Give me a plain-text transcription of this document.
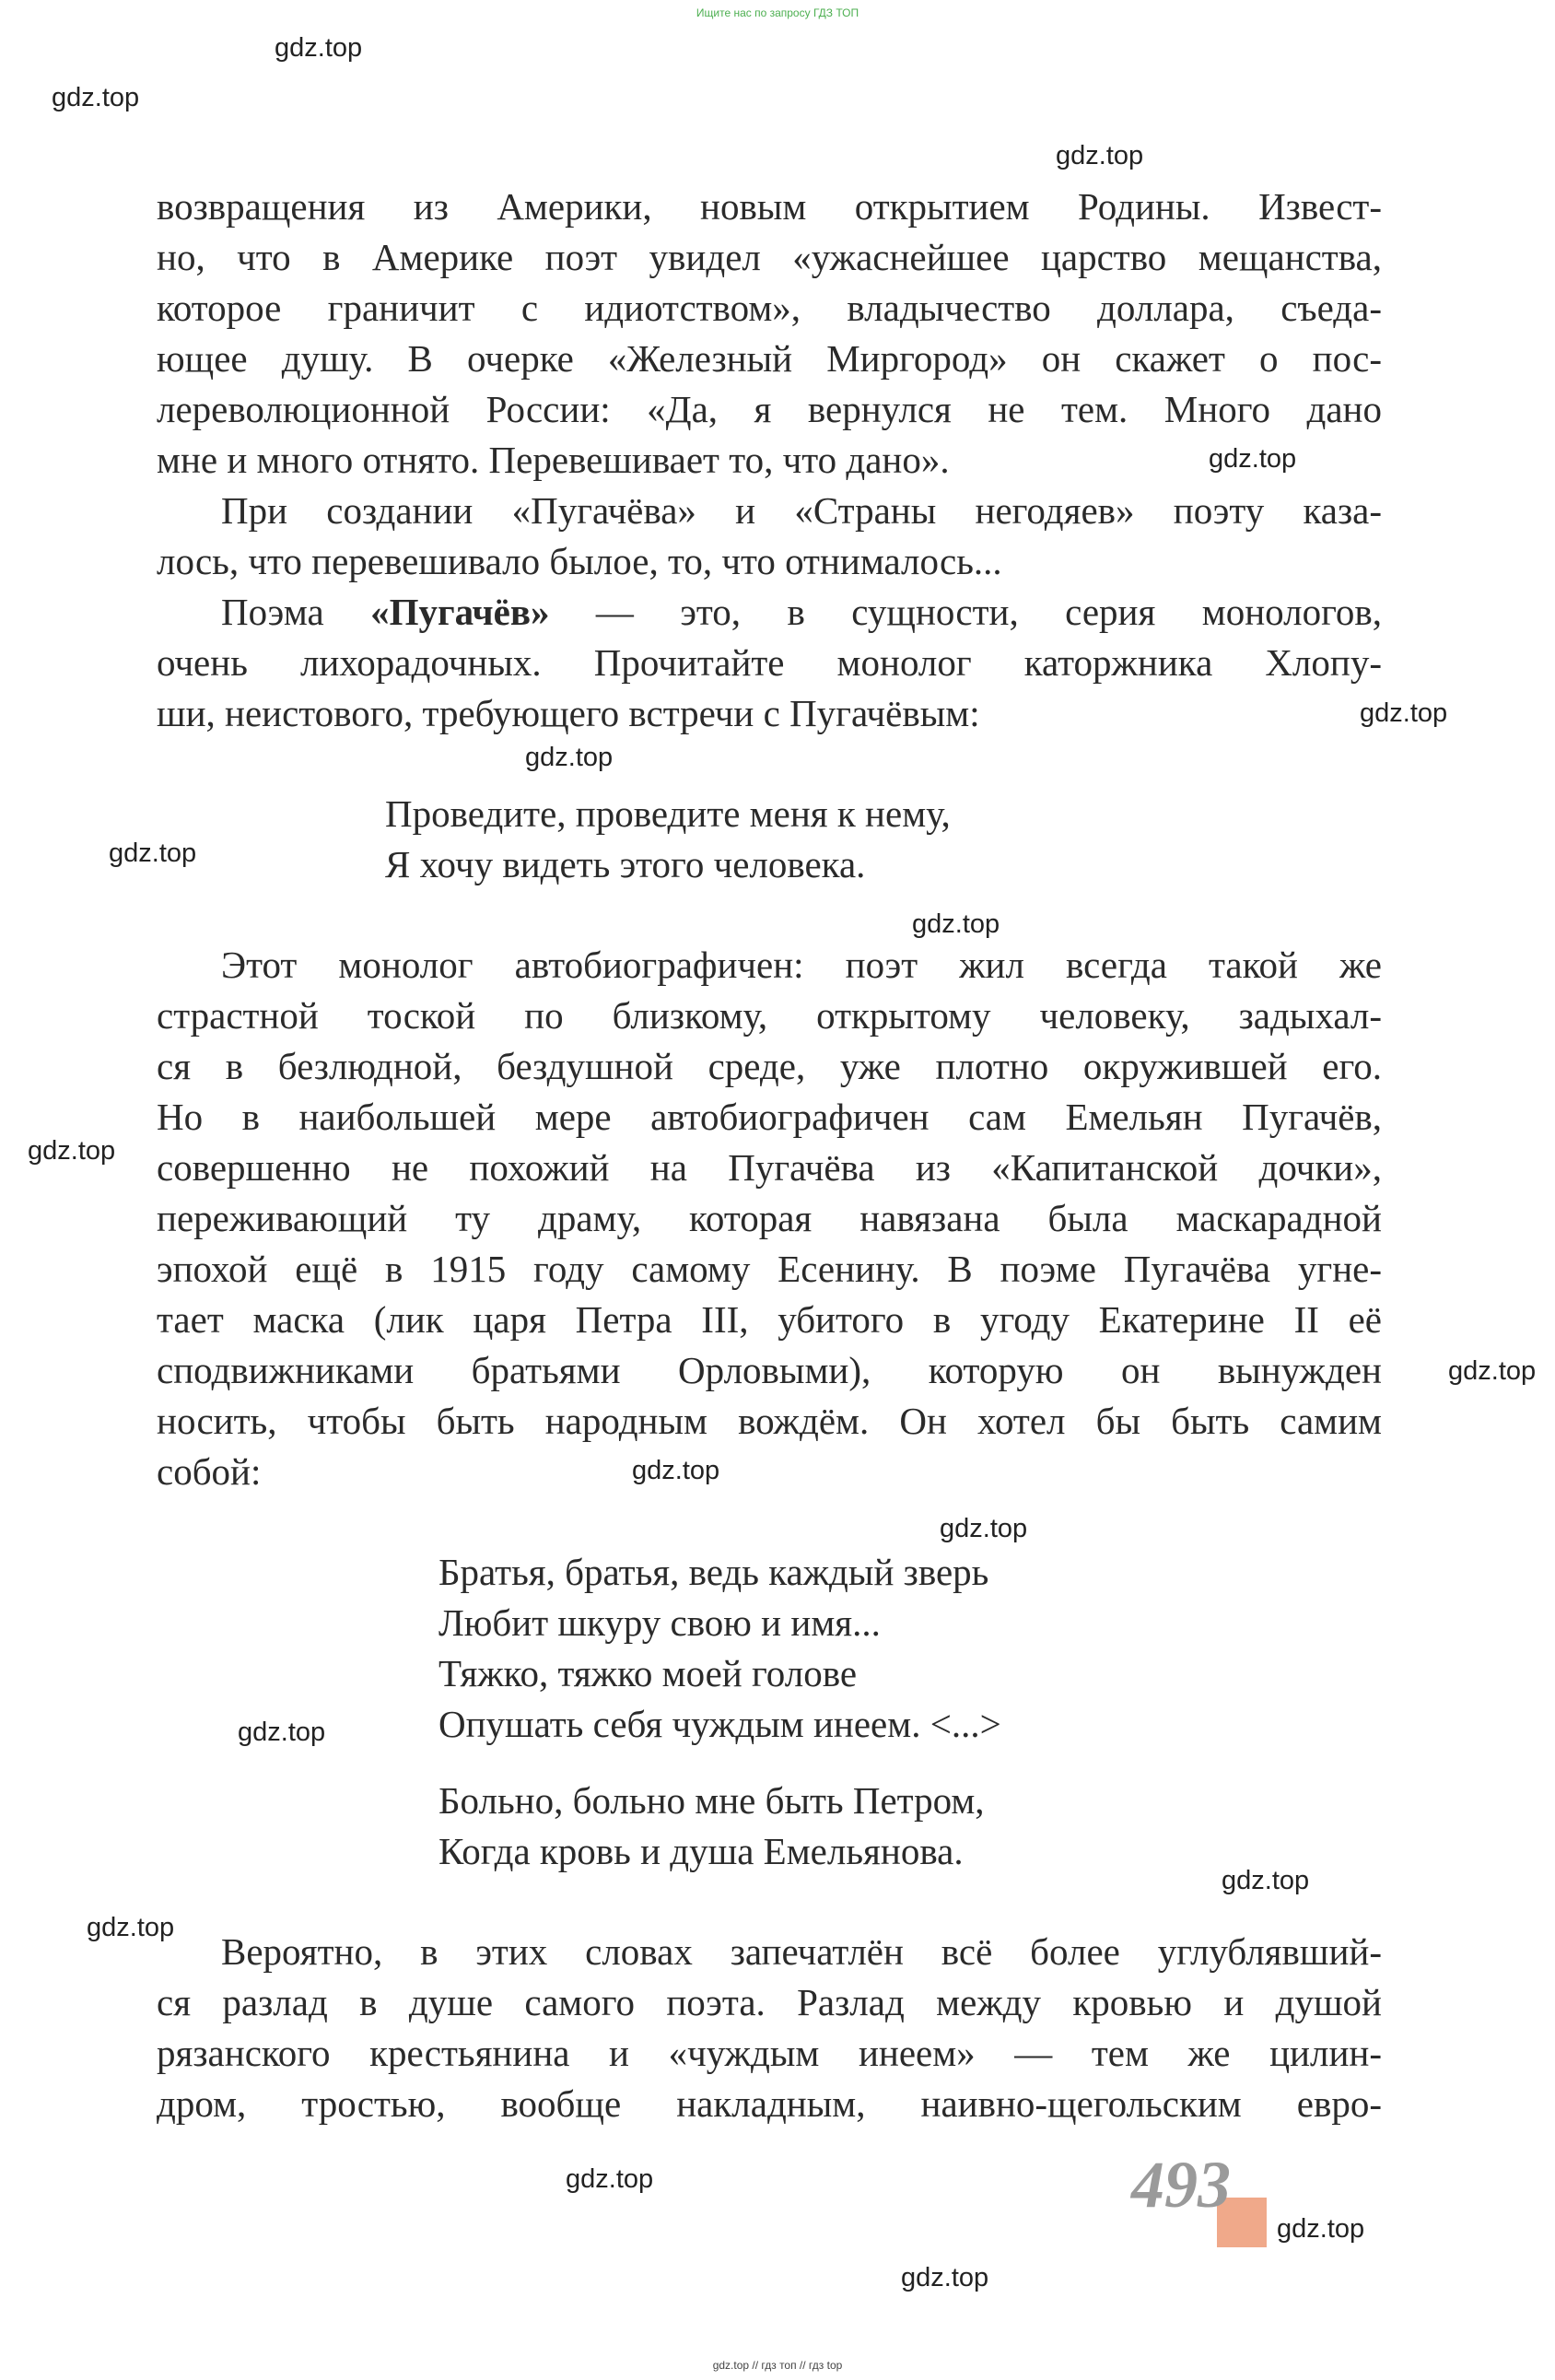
Ищите нас по запросу ГДЗ ТОП
gdz.top
gdz.top
gdz.top
gdz.top
gdz.top
gdz.top
gdz.top
gdz.top
gdz.top
gdz.top
gdz.top
gdz.top
gdz.top
gdz.top
gdz.top
gdz.top
gdz.top
gdz.top
возвращения из Америки, новым открытием Родины. Извест-
но, что в Америке поэт увидел «ужаснейшее царство мещанства,
которое граничит с идиотством», владычество доллара, съеда-
ющее душу. В очерке «Железный Миргород» он скажет о пос-
лереволюционной России: «Да, я вернулся не тем. Много дано
мне и много отнято. Перевешивает то, что дано».
При создании «Пугачёва» и «Страны негодяев» поэту каза-
лось, что перевешивало былое, то, что отнималось...
Поэма «Пугачёв» — это, в сущности, серия монологов,
очень лихорадочных. Прочитайте монолог каторжника Хлопу-
ши, неистового, требующего встречи с Пугачёвым:
Проведите, проведите меня к нему,
Я хочу видеть этого человека.
Этот монолог автобиографичен: поэт жил всегда такой же
страстной тоской по близкому, открытому человеку, задыхал-
ся в безлюдной, бездушной среде, уже плотно окружившей его.
Но в наибольшей мере автобиографичен сам Емельян Пугачёв,
совершенно не похожий на Пугачёва из «Капитанской дочки»,
переживающий ту драму, которая навязана была маскарадной
эпохой ещё в 1915 году самому Есенину. В поэме Пугачёва угне-
тает маска (лик царя Петра III, убитого в угоду Екатерине II её
сподвижниками братьями Орловыми), которую он вынужден
носить, чтобы быть народным вождём. Он хотел бы быть самим
собой:
Братья, братья, ведь каждый зверь
Любит шкуру свою и имя...
Тяжко, тяжко моей голове
Опушать себя чуждым инеем. <...>
Больно, больно мне быть Петром,
Когда кровь и душа Емельянова.
Вероятно, в этих словах запечатлён всё более углублявший-
ся разлад в душе самого поэта. Разлад между кровью и душой
рязанского крестьянина и «чуждым инеем» — тем же цилин-
дром, тростью, вообще накладным, наивно-щегольским евро-
493
gdz.top // гдз топ // гдз top
